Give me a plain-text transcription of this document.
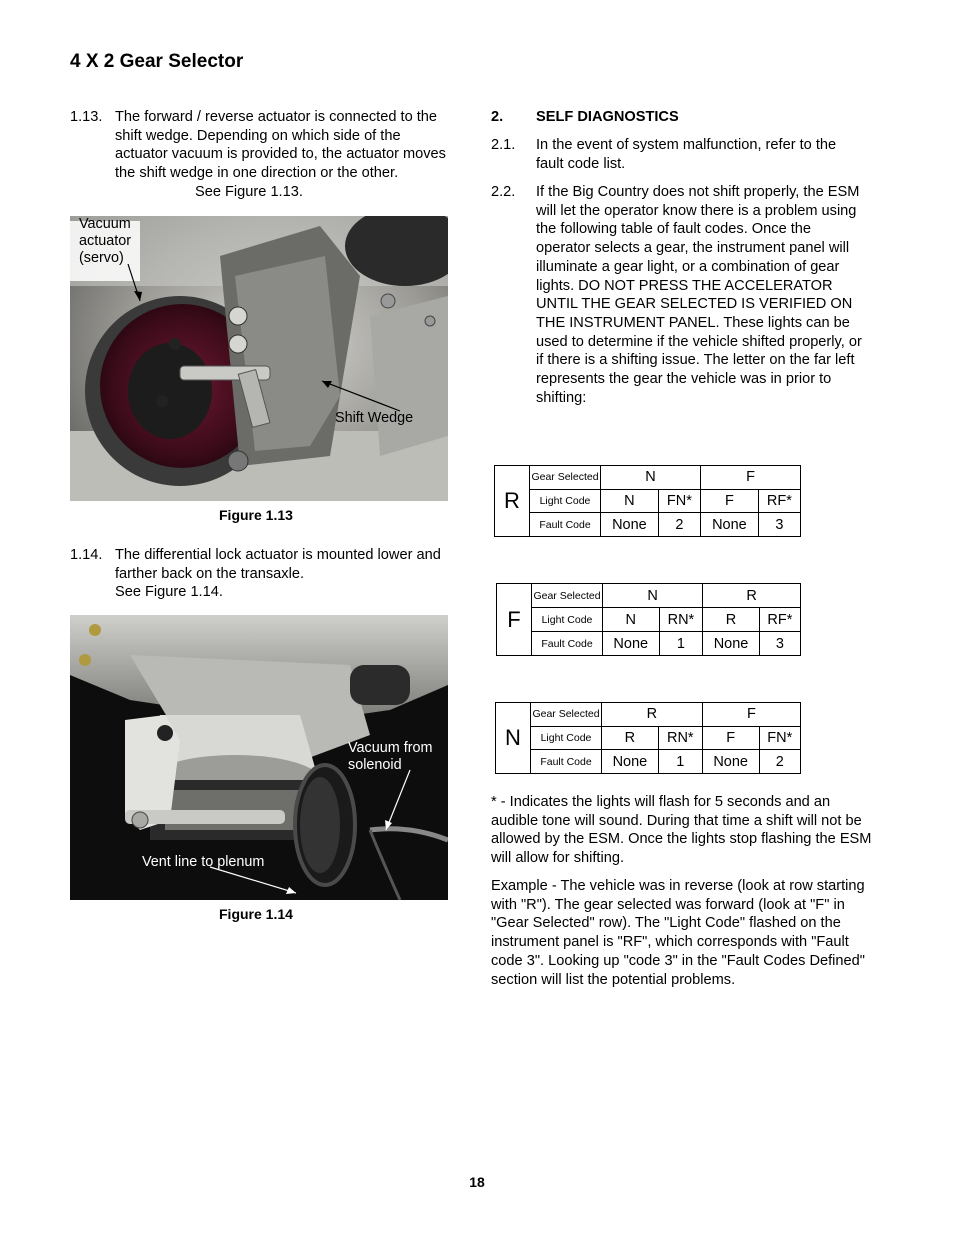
4 X 2 Gear Selector
1.13. The forward / reverse actuator is connected to the shift wedge. Depending on which side of the actuator vacuum is provided to, the actuator moves the shift wedge in one direction or the other. See Figure 1.13.
Vacuum actuator (servo)
Shift Wedge
Figure 1.13
1.14. The differential lock actuator is mounted lower and farther back on the transaxle.
See Figure 1.14.
Vacuum from solenoid
Vent line to plenum
Figure 1.14
2. SELF DIAGNOSTICS
2.1. In the event of system malfunction, refer to the fault code list.
2.2. If the Big Country does not shift properly, the ESM will let the operator know there is a problem using the following table of fault codes. Once the operator selects a gear, the instrument panel will illuminate a gear light, or a combination of gear lights. DO NOT PRESS THE ACCELERATOR UNTIL THE GEAR SELECTED IS VERIFIED ON THE INSTRUMENT PANEL. These lights can be used to determine if the vehicle shifted properly, or if there is a shifting issue. The letter on the far left represents the gear the vehicle was in prior to shifting:
R	Gear Selected	N		F	
	Light Code	N	FN*	F	RF*
	Fault Code	None	2	None	3
F	Gear Selected	N		R	
	Light Code	N	RN*	R	RF*
	Fault Code	None	1	None	3
N	Gear Selected	R		F	
	Light Code	R	RN*	F	FN*
	Fault Code	None	1	None	2
* - Indicates the lights will flash for 5 seconds and an audible tone will sound. During that time a shift will not be allowed by the ESM. Once the lights stop flashing the ESM will allow for shifting.
Example - The vehicle was in reverse (look at row starting with "R"). The gear selected was forward (look at "F" in "Gear Selected" row). The "Light Code" flashed on the instrument panel is "RF", which corresponds with "Fault code 3". Looking up "code 3" in the "Fault Codes Defined" section will list the potential problems.
18
